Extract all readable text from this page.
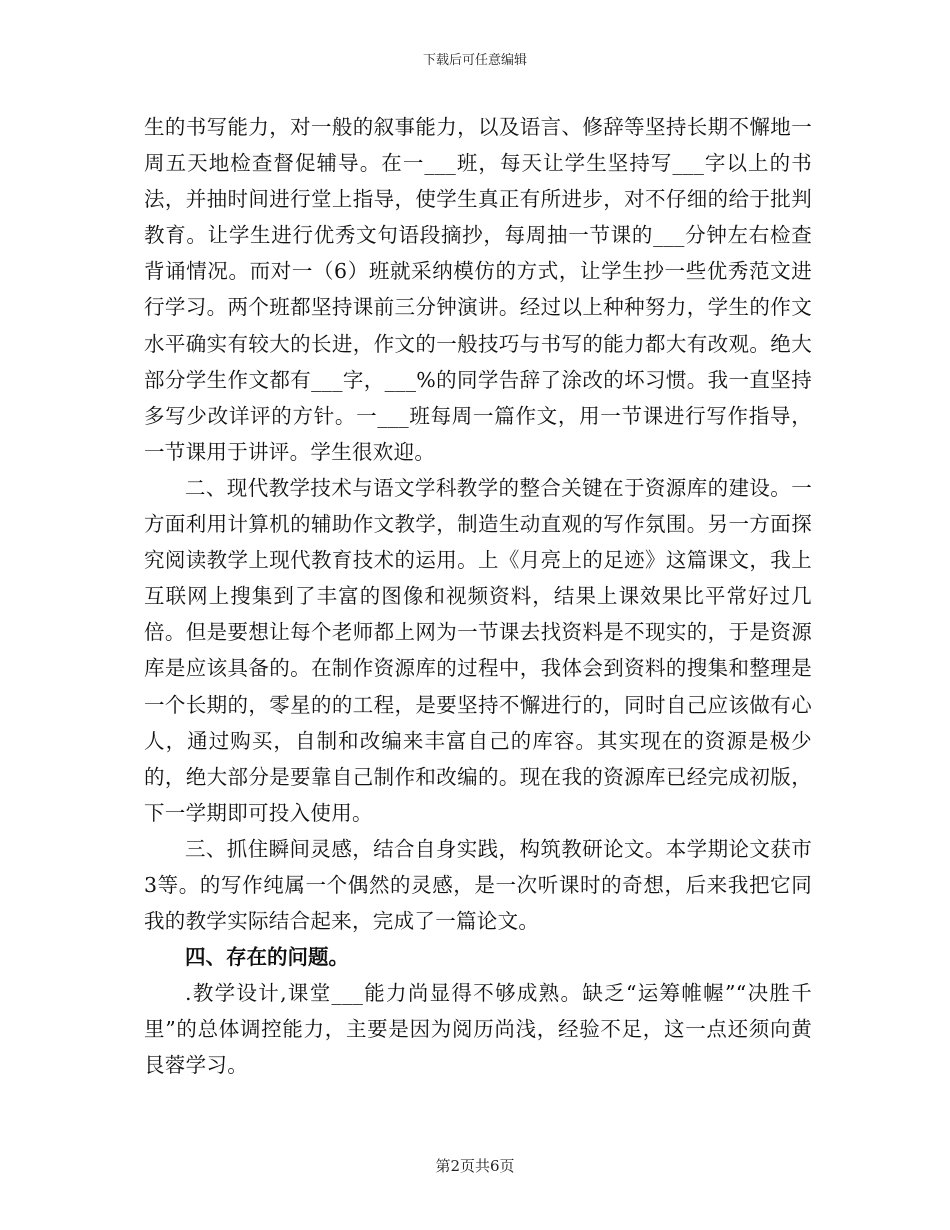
下载后可任意编辑

生的书写能力，对一般的叙事能力，以及语言、修辞等坚持长期不懈地一周五天地检查督促辅导。在一___班，每天让学生坚持写___字以上的书法，并抽时间进行堂上指导，使学生真正有所进步，对不仔细的给于批判教育。让学生进行优秀文句语段摘抄，每周抽一节课的___分钟左右检查背诵情况。而对一（6）班就采纳模仿的方式，让学生抄一些优秀范文进行学习。两个班都坚持课前三分钟演讲。经过以上种种努力，学生的作文水平确实有较大的长进，作文的一般技巧与书写的能力都大有改观。绝大部分学生作文都有___字，___%的同学告辞了涂改的坏习惯。我一直坚持多写少改详评的方针。一___班每周一篇作文，用一节课进行写作指导，一节课用于讲评。学生很欢迎。

二、现代教学技术与语文学科教学的整合关键在于资源库的建设。一方面利用计算机的辅助作文教学，制造生动直观的写作氛围。另一方面探究阅读教学上现代教育技术的运用。上《月亮上的足迹》这篇课文，我上互联网上搜集到了丰富的图像和视频资料，结果上课效果比平常好过几倍。但是要想让每个老师都上网为一节课去找资料是不现实的，于是资源库是应该具备的。在制作资源库的过程中，我体会到资料的搜集和整理是一个长期的，零星的的工程，是要坚持不懈进行的，同时自己应该做有心人，通过购买，自制和改编来丰富自己的库容。其实现在的资源是极少的，绝大部分是要靠自己制作和改编的。现在我的资源库已经完成初版，下一学期即可投入使用。

三、抓住瞬间灵感，结合自身实践，构筑教研论文。本学期论文获市3等。的写作纯属一个偶然的灵感，是一次听课时的奇想，后来我把它同我的教学实际结合起来，完成了一篇论文。

四、存在的问题。

.教学设计,课堂___能力尚显得不够成熟。缺乏“运筹帷幄”“决胜千里”的总体调控能力，主要是因为阅历尚浅，经验不足，这一点还须向黄艮蓉学习。

第2页共6页
